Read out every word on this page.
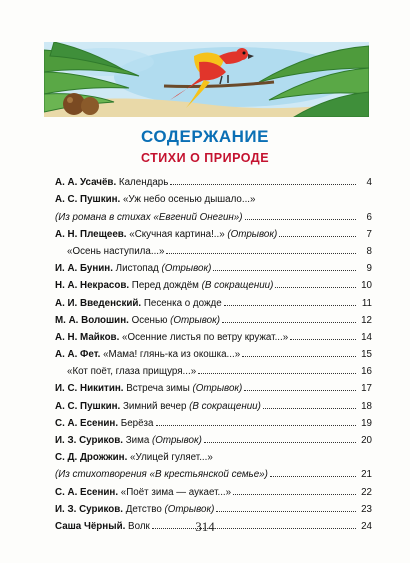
СОДЕРЖАНИЕ
СТИХИ О ПРИРОДЕ
А. А. Усачёв. Календарь	4
А. С. Пушкин. «Уж небо осенью дышало...»
(Из романа в стихах «Евгений Онегин»)	6
А. Н. Плещеев. «Скучная картина!..» (Отрывок)	7
«Осень наступила...»	8
И. А. Бунин. Листопад (Отрывок)	9
Н. А. Некрасов. Перед дождём (В сокращении)	10
А. И. Введенский. Песенка о дожде	11
М. А. Волошин. Осенью (Отрывок)	12
А. Н. Майков. «Осенние листья по ветру кружат...»	14
А. А. Фет. «Мама! глянь-ка из окошка...»	15
«Кот поёт, глаза прищуря...»	16
И. С. Никитин. Встреча зимы (Отрывок)	17
А. С. Пушкин. Зимний вечер (В сокращении)	18
С. А. Есенин. Берёза	19
И. З. Суриков. Зима (Отрывок)	20
С. Д. Дрожжин. «Улицей гуляет...»
(Из стихотворения «В крестьянской семье»)	21
С. А. Есенин. «Поёт зима — аукает...»	22
И. З. Суриков. Детство (Отрывок)	23
Саша Чёрный. Волк	24
314
